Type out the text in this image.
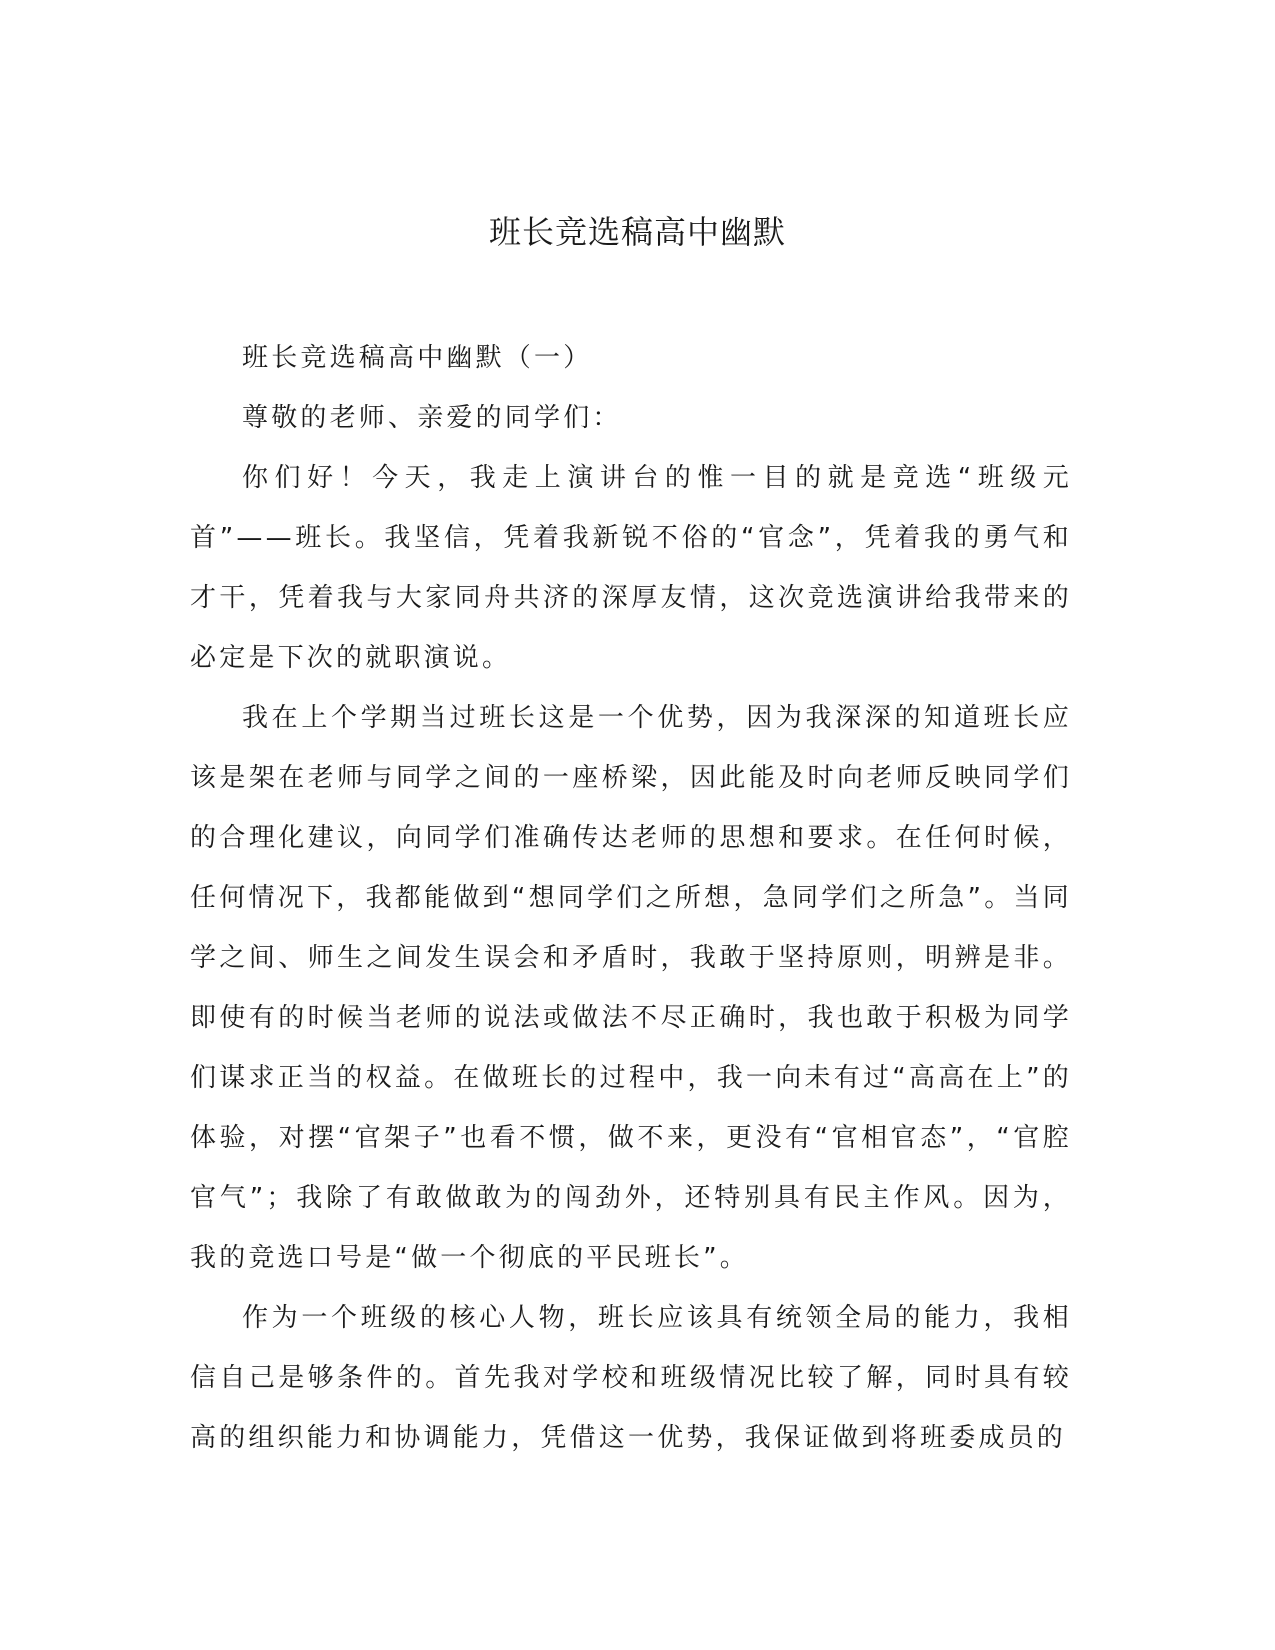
班长竞选稿高中幽默

班长竞选稿高中幽默（一）

尊敬的老师、亲爱的同学们：

你们好！今天，我走上演讲台的惟一目的就是竞选“班级元首”——班长。我坚信，凭着我新锐不俗的“官念”，凭着我的勇气和才干，凭着我与大家同舟共济的深厚友情，这次竞选演讲给我带来的必定是下次的就职演说。

我在上个学期当过班长这是一个优势，因为我深深的知道班长应该是架在老师与同学之间的一座桥梁，因此能及时向老师反映同学们的合理化建议，向同学们准确传达老师的思想和要求。在任何时候，任何情况下，我都能做到“想同学们之所想，急同学们之所急”。当同学之间、师生之间发生误会和矛盾时，我敢于坚持原则，明辨是非。即使有的时候当老师的说法或做法不尽正确时，我也敢于积极为同学们谋求正当的权益。在做班长的过程中，我一向未有过“高高在上”的体验，对摆“官架子”也看不惯，做不来，更没有“官相官态”，“官腔官气”；我除了有敢做敢为的闯劲外，还特别具有民主作风。因为，我的竞选口号是“做一个彻底的平民班长”。

作为一个班级的核心人物，班长应该具有统领全局的能力，我相信自己是够条件的。首先我对学校和班级情况比较了解，同时具有较高的组织能力和协调能力，凭借这一优势，我保证做到将班委成员的
